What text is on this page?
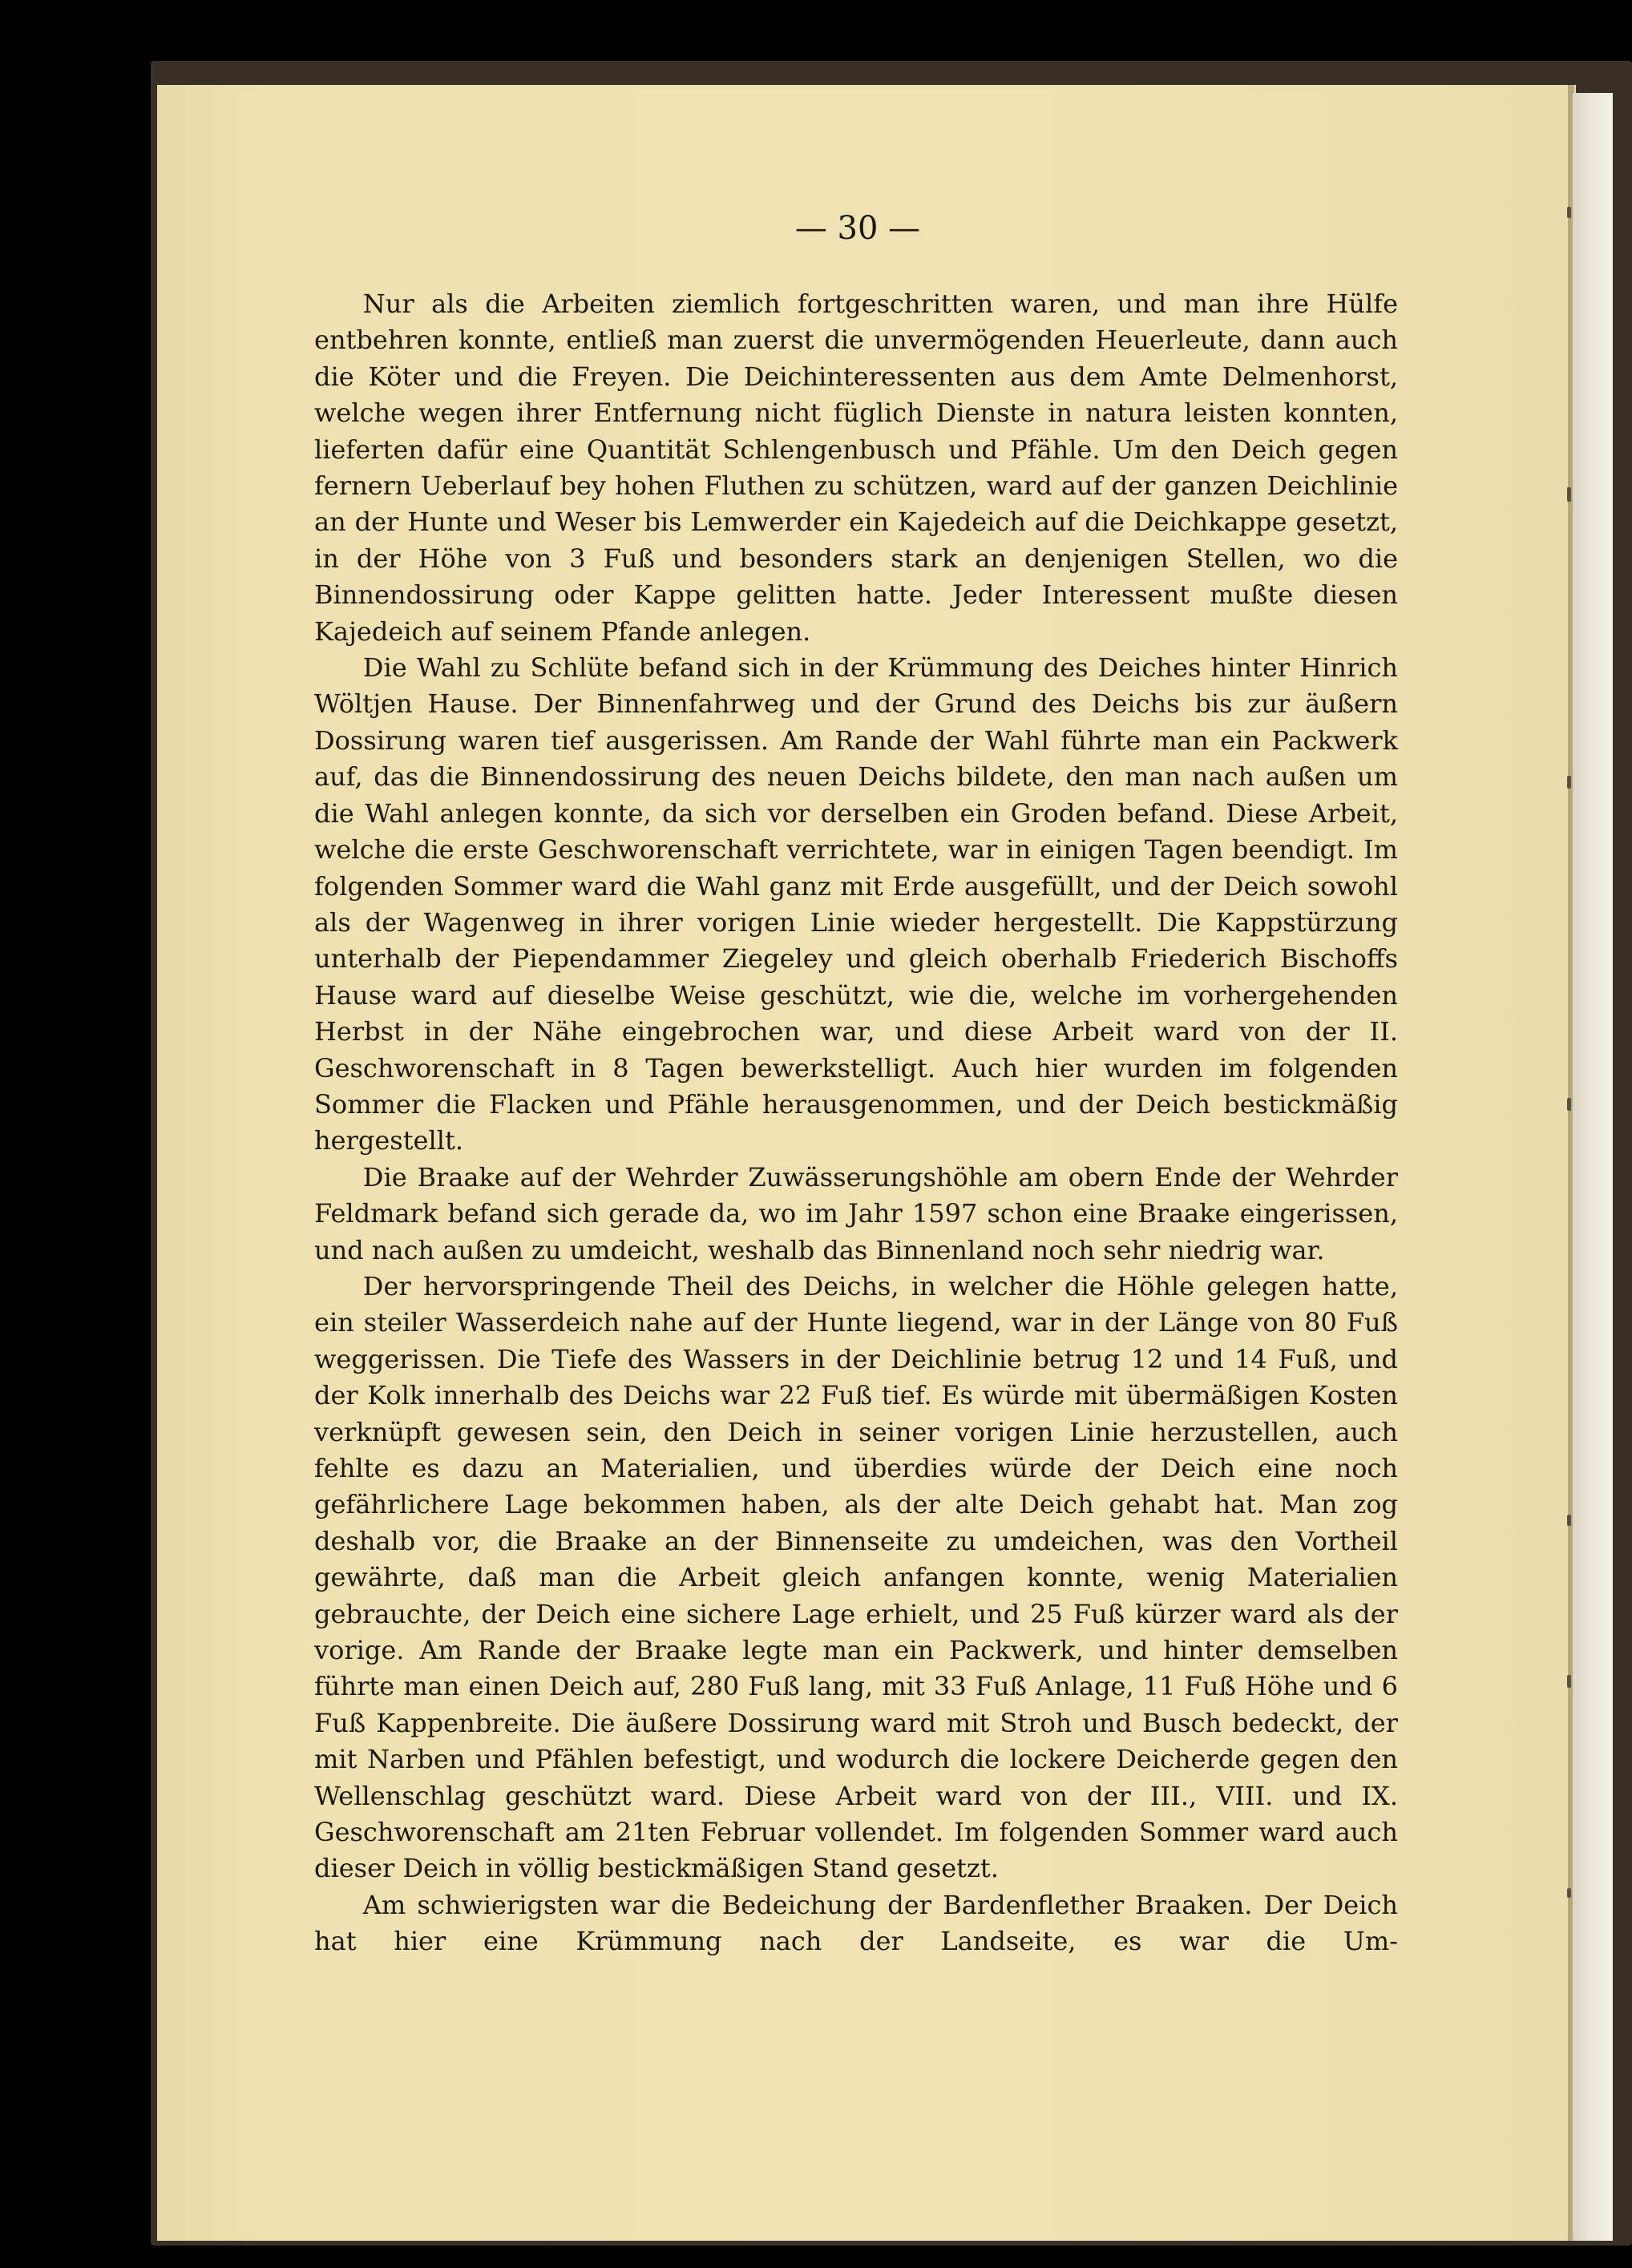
— 30 —

Nur als die Arbeiten ziemlich fortgeschritten waren, und man ihre Hülfe entbehren konnte, entließ man zuerst die unvermögenden Heuerleute, dann auch die Köter und die Freyen. Die Deichinteressenten aus dem Amte Delmenhorst, welche wegen ihrer Entfernung nicht füglich Dienste in natura leisten konnten, lieferten dafür eine Quantität Schlengenbusch und Pfähle. Um den Deich gegen fernern Ueberlauf bey hohen Fluthen zu schützen, ward auf der ganzen Deichlinie an der Hunte und Weser bis Lemwerder ein Kajedeich auf die Deichkappe gesetzt, in der Höhe von 3 Fuß und besonders stark an denjenigen Stellen, wo die Binnendossirung oder Kappe gelitten hatte. Jeder Interessent mußte diesen Kajedeich auf seinem Pfande anlegen.

Die Wahl zu Schlüte befand sich in der Krümmung des Deiches hinter Hinrich Wöltjen Hause. Der Binnenfahrweg und der Grund des Deichs bis zur äußern Dossirung waren tief ausgerissen. Am Rande der Wahl führte man ein Packwerk auf, das die Binnendossirung des neuen Deichs bildete, den man nach außen um die Wahl anlegen konnte, da sich vor derselben ein Groden befand. Diese Arbeit, welche die erste Geschworenschaft verrichtete, war in einigen Tagen beendigt. Im folgenden Sommer ward die Wahl ganz mit Erde ausgefüllt, und der Deich sowohl als der Wagenweg in ihrer vorigen Linie wieder hergestellt. Die Kappstürzung unterhalb der Piependammer Ziegeley und gleich oberhalb Friederich Bischoffs Hause ward auf dieselbe Weise geschützt, wie die, welche im vorhergehenden Herbst in der Nähe eingebrochen war, und diese Arbeit ward von der II. Geschworenschaft in 8 Tagen bewerkstelligt. Auch hier wurden im folgenden Sommer die Flacken und Pfähle herausgenommen, und der Deich bestickmäßig hergestellt.

Die Braake auf der Wehrder Zuwässerungshöhle am obern Ende der Wehrder Feldmark befand sich gerade da, wo im Jahr 1597 schon eine Braake eingerissen, und nach außen zu umdeicht, weshalb das Binnenland noch sehr niedrig war.

Der hervorspringende Theil des Deichs, in welcher die Höhle gelegen hatte, ein steiler Wasserdeich nahe auf der Hunte liegend, war in der Länge von 80 Fuß weggerissen. Die Tiefe des Wassers in der Deichlinie betrug 12 und 14 Fuß, und der Kolk innerhalb des Deichs war 22 Fuß tief. Es würde mit übermäßigen Kosten verknüpft gewesen sein, den Deich in seiner vorigen Linie herzustellen, auch fehlte es dazu an Materialien, und überdies würde der Deich eine noch gefährlichere Lage bekommen haben, als der alte Deich gehabt hat. Man zog deshalb vor, die Braake an der Binnenseite zu umdeichen, was den Vortheil gewährte, daß man die Arbeit gleich anfangen konnte, wenig Materialien gebrauchte, der Deich eine sichere Lage erhielt, und 25 Fuß kürzer ward als der vorige. Am Rande der Braake legte man ein Packwerk, und hinter demselben führte man einen Deich auf, 280 Fuß lang, mit 33 Fuß Anlage, 11 Fuß Höhe und 6 Fuß Kappenbreite. Die äußere Dossirung ward mit Stroh und Busch bedeckt, der mit Narben und Pfählen befestigt, und wodurch die lockere Deicherde gegen den Wellenschlag geschützt ward. Diese Arbeit ward von der III., VIII. und IX. Geschworenschaft am 21ten Februar vollendet. Im folgenden Sommer ward auch dieser Deich in völlig bestickmäßigen Stand gesetzt.

Am schwierigsten war die Bedeichung der Bardenflether Braaken. Der Deich hat hier eine Krümmung nach der Landseite, es war die Um-
